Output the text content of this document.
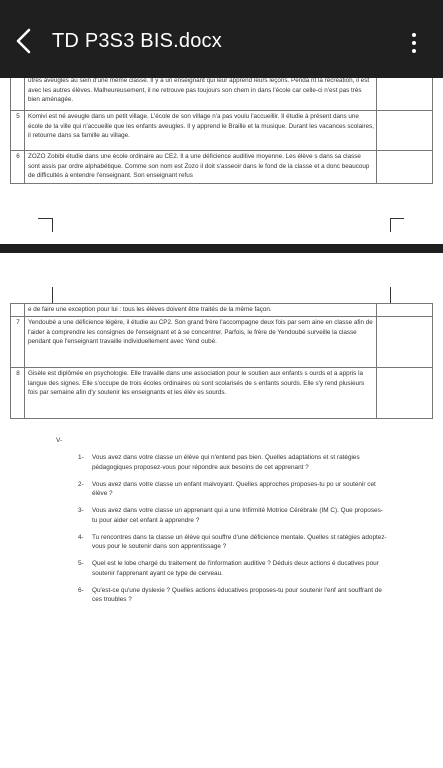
TD P3S3 BIS.docx
	utres aveugles au sein d'une même classe. Il y a un enseignant qui leur apprend leurs leçons. Penda nt la récréation, il est avec les autres élèves. Malheureusement, il ne retrouve pas toujours son chem in dans l'école car celle-ci n'est pas très bien aménagée.	
5	Komivi est né aveugle dans un petit village. L'école de son village n'a pas voulu l'accueillir. Il étudie à présent dans une école de la ville qui n'accueille que les enfants aveugles. Il y apprend le Braille et la musique. Durant les vacances scolaires, il retourne dans sa famille au village.	
6	ZOZO Zobibi étudie dans une école ordinaire au CE2. Il a une déficience auditive moyenne. Les élève s dans sa classe sont assis par ordre alphabétique. Comme son nom est Zozo il doit s'asseoir dans le fond de la classe et a donc beaucoup de difficultés à entendre l'enseignant. Son enseignant refus	
	e de faire une exception pour lui : tous les élèves doivent être traités de la même façon.	
7	Yendoubé a une déficience légère, il étudie au CP2. Son grand frère l'accompagne deux fois par sem aine en classe afin de l'aider à comprendre les consignes de l'enseignant et à se concentrer. Parfois, le frère de Yendoubé surveille la classe pendant que l'enseignant travaille individuellement avec Yend oubé.	
8	Gisèle est diplômée en psychologie. Elle travaille dans une association pour le soutien aux enfants s ourds et a appris la langue des signes. Elle s'occupe de trois écoles ordinaires où sont scolarisés de s enfants sourds. Elle s'y rend plusieurs fois par semaine afin d'y soutenir les enseignants et les élèv es sourds.	
V-
1- Vous avez dans votre classe un élève qui n'entend pas bien. Quelles adaptations et st ratégies pédagogiques proposez-vous pour répondre aux besoins de cet apprenant ?
2- Vous avez dans votre classe un enfant malvoyant. Quelles approches proposes-tu po ur soutenir cet élève ?
3- Vous avez dans votre classe un apprenant qui a une Infirmité Motrice Cérébrale (IM C). Que proposes-tu pour aider cet enfant à apprendre ?
4- Tu rencontres dans ta classe un élève qui souffre d'une déficience mentale. Quelles st ratégies adoptez-vous pour le soutenir dans son apprentissage ?
5- Quel est le lobe chargé du traitement de l'information auditive ? Déduis deux actions é ducatives pour soutenir l'apprenant ayant ce type de cerveau.
6- Qu'est-ce qu'une dyslexie ? Quelles actions éducatives proposes-tu pour soutenir l'enf ant souffrant de ces troubles ?
